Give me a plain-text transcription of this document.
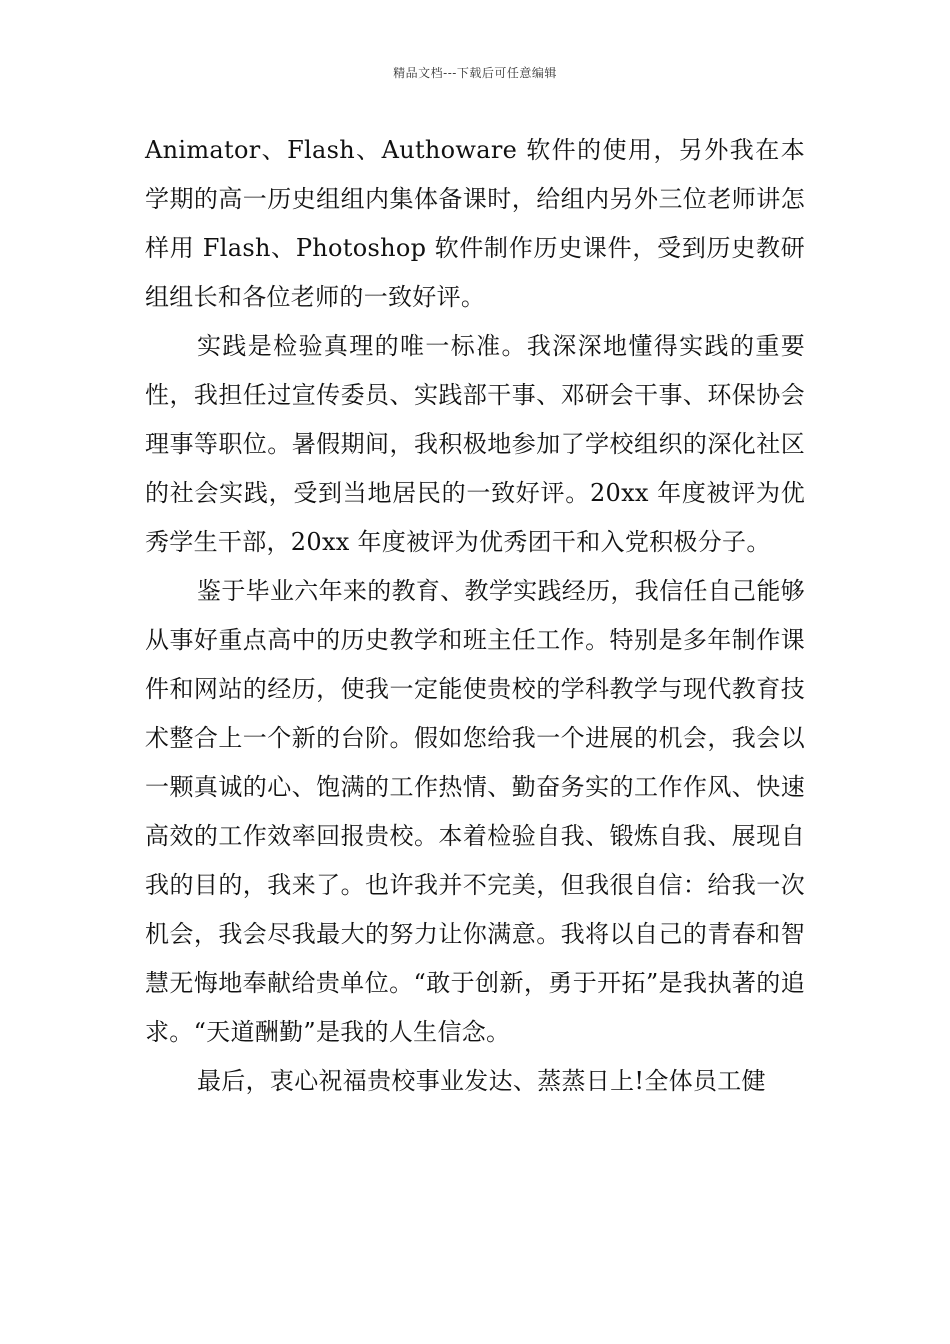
精品文档---下载后可任意编辑

Animator、Flash、Authoware 软件的使用，另外我在本学期的高一历史组组内集体备课时，给组内另外三位老师讲怎样用 Flash、Photoshop 软件制作历史课件，受到历史教研组组长和各位老师的一致好评。

实践是检验真理的唯一标准。我深深地懂得实践的重要性，我担任过宣传委员、实践部干事、邓研会干事、环保协会理事等职位。暑假期间，我积极地参加了学校组织的深化社区的社会实践，受到当地居民的一致好评。20xx 年度被评为优秀学生干部，20xx 年度被评为优秀团干和入党积极分子。

鉴于毕业六年来的教育、教学实践经历，我信任自己能够从事好重点高中的历史教学和班主任工作。特别是多年制作课件和网站的经历，使我一定能使贵校的学科教学与现代教育技术整合上一个新的台阶。假如您给我一个进展的机会，我会以一颗真诚的心、饱满的工作热情、勤奋务实的工作作风、快速高效的工作效率回报贵校。本着检验自我、锻炼自我、展现自我的目的，我来了。也许我并不完美，但我很自信：给我一次机会，我会尽我最大的努力让你满意。我将以自己的青春和智慧无悔地奉献给贵单位。“敢于创新，勇于开拓”是我执著的追求。“天道酬勤”是我的人生信念。

最后，衷心祝福贵校事业发达、蒸蒸日上!全体员工健
